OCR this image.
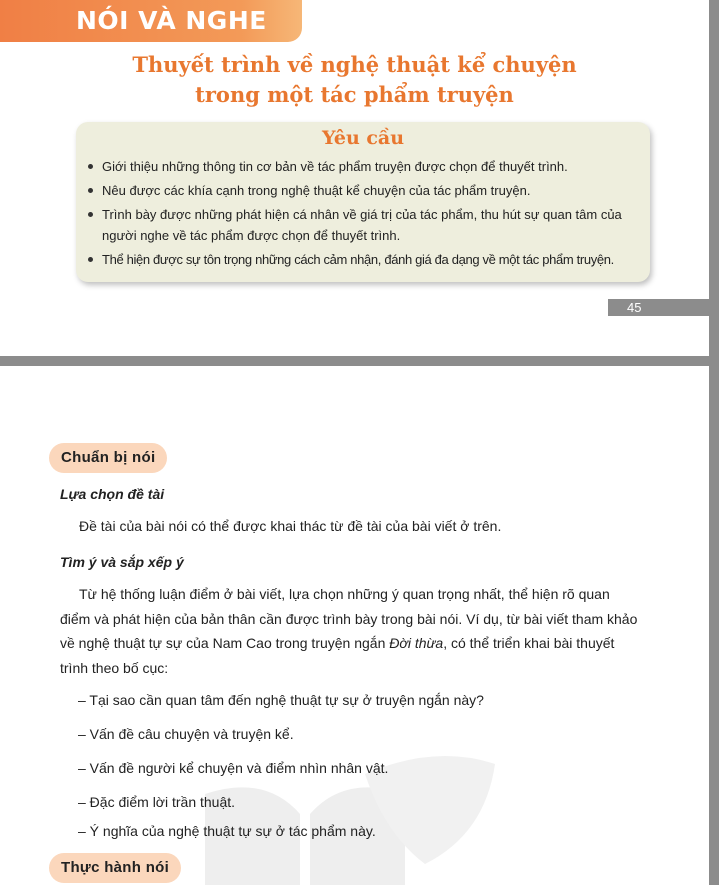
NÓI VÀ NGHE
Thuyết trình về nghệ thuật kể chuyện
trong một tác phẩm truyện
Yêu cầu
Giới thiệu những thông tin cơ bản về tác phẩm truyện được chọn để thuyết trình.
Nêu được các khía cạnh trong nghệ thuật kể chuyện của tác phẩm truyện.
Trình bày được những phát hiện cá nhân về giá trị của tác phẩm, thu hút sự quan tâm của người nghe về tác phẩm được chọn để thuyết trình.
Thể hiện được sự tôn trọng những cách cảm nhận, đánh giá đa dạng về một tác phẩm truyện.
45
Chuẩn bị nói
Lựa chọn đề tài

Đề tài của bài nói có thể được khai thác từ đề tài của bài viết ở trên.

Tìm ý và sắp xếp ý

Từ hệ thống luận điểm ở bài viết, lựa chọn những ý quan trọng nhất, thể hiện rõ quan điểm và phát hiện của bản thân cần được trình bày trong bài nói. Ví dụ, từ bài viết tham khảo về nghệ thuật tự sự của Nam Cao trong truyện ngắn Đời thừa, có thể triển khai bài thuyết trình theo bố cục:

– Tại sao cần quan tâm đến nghệ thuật tự sự ở truyện ngắn này?
– Vấn đề câu chuyện và truyện kể.
– Vấn đề người kể chuyện và điểm nhìn nhân vật.
– Đặc điểm lời trần thuật.
– Ý nghĩa của nghệ thuật tự sự ở tác phẩm này.
Thực hành nói
